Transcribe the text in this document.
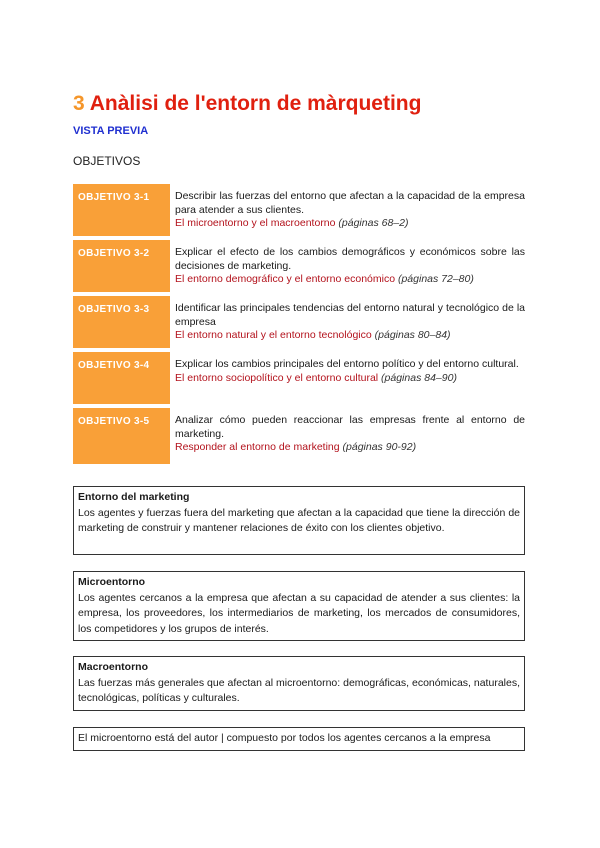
3 Anàlisi de l'entorn de màrqueting
VISTA PREVIA
OBJETIVOS
OBJETIVO 3-1	Describir las fuerzas del entorno que afectan a la capacidad de la empresa para atender a sus clientes.
El microentorno y el macroentorno (páginas 68–2)
OBJETIVO 3-2	Explicar el efecto de los cambios demográficos y económicos sobre las decisiones de marketing.
El entorno demográfico y el entorno económico (páginas 72–80)
OBJETIVO 3-3	Identificar las principales tendencias del entorno natural y tecnológico de la empresa
El entorno natural y el entorno tecnológico (páginas 80–84)
OBJETIVO 3-4	Explicar los cambios principales del entorno político y del entorno cultural.
El entorno sociopolítico y el entorno cultural (páginas 84–90)
OBJETIVO 3-5	Analizar cómo pueden reaccionar las empresas frente al entorno de marketing.
Responder al entorno de marketing (páginas 90-92)
Entorno del marketing
Los agentes y fuerzas fuera del marketing que afectan a la capacidad que tiene la dirección de marketing de construir y mantener relaciones de éxito con los clientes objetivo.
Microentorno
Los agentes cercanos a la empresa que afectan a su capacidad de atender a sus clientes: la empresa, los proveedores, los intermediarios de marketing, los mercados de consumidores, los competidores y los grupos de interés.
Macroentorno
Las fuerzas más generales que afectan al microentorno: demográficas, económicas, naturales, tecnológicas, políticas y culturales.
El microentorno está del autor | compuesto por todos los agentes cercanos a la empresa
